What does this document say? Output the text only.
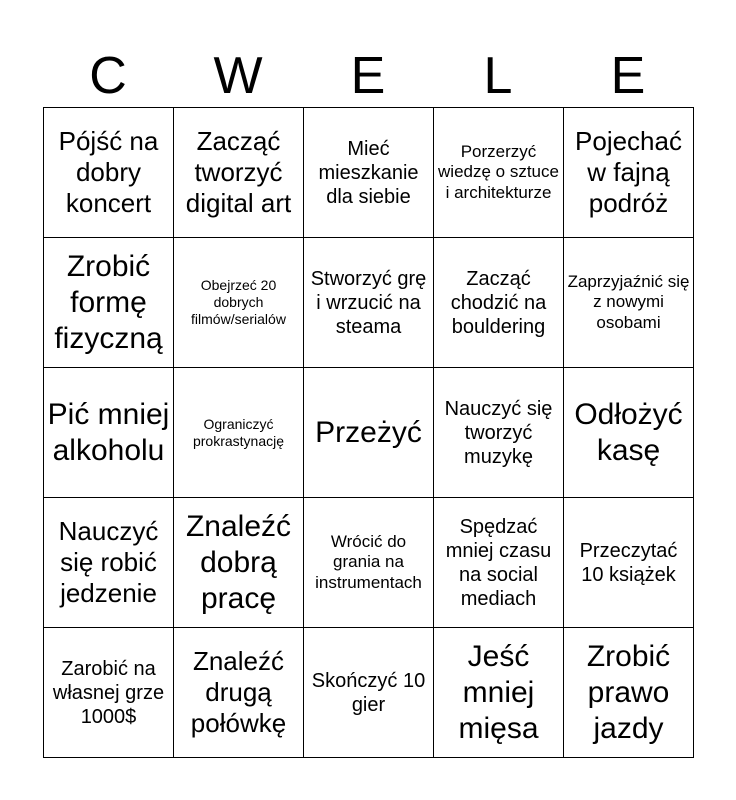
C	W	E	L	E
Pójść na dobry koncert	Zacząć tworzyć digital art	Mieć mieszkanie dla siebie	Porzerzyć wiedzę o sztuce i architekturze	Pojechać w fajną podróż
Zrobić formę fizyczną	Obejrzeć 20 dobrych filmów/serialów	Stworzyć grę i wrzucić na steama	Zacząć chodzić na bouldering	Zaprzyjaźnić się z nowymi osobami
Pić mniej alkoholu	Ograniczyć prokrastynację	Przeżyć	Nauczyć się tworzyć muzykę	Odłożyć kasę
Nauczyć się robić jedzenie	Znaleźć dobrą pracę	Wrócić do grania na instrumentach	Spędzać mniej czasu na social mediach	Przeczytać 10 książek
Zarobić na własnej grze 1000$	Znaleźć drugą połówkę	Skończyć 10 gier	Jeść mniej mięsa	Zrobić prawo jazdy
